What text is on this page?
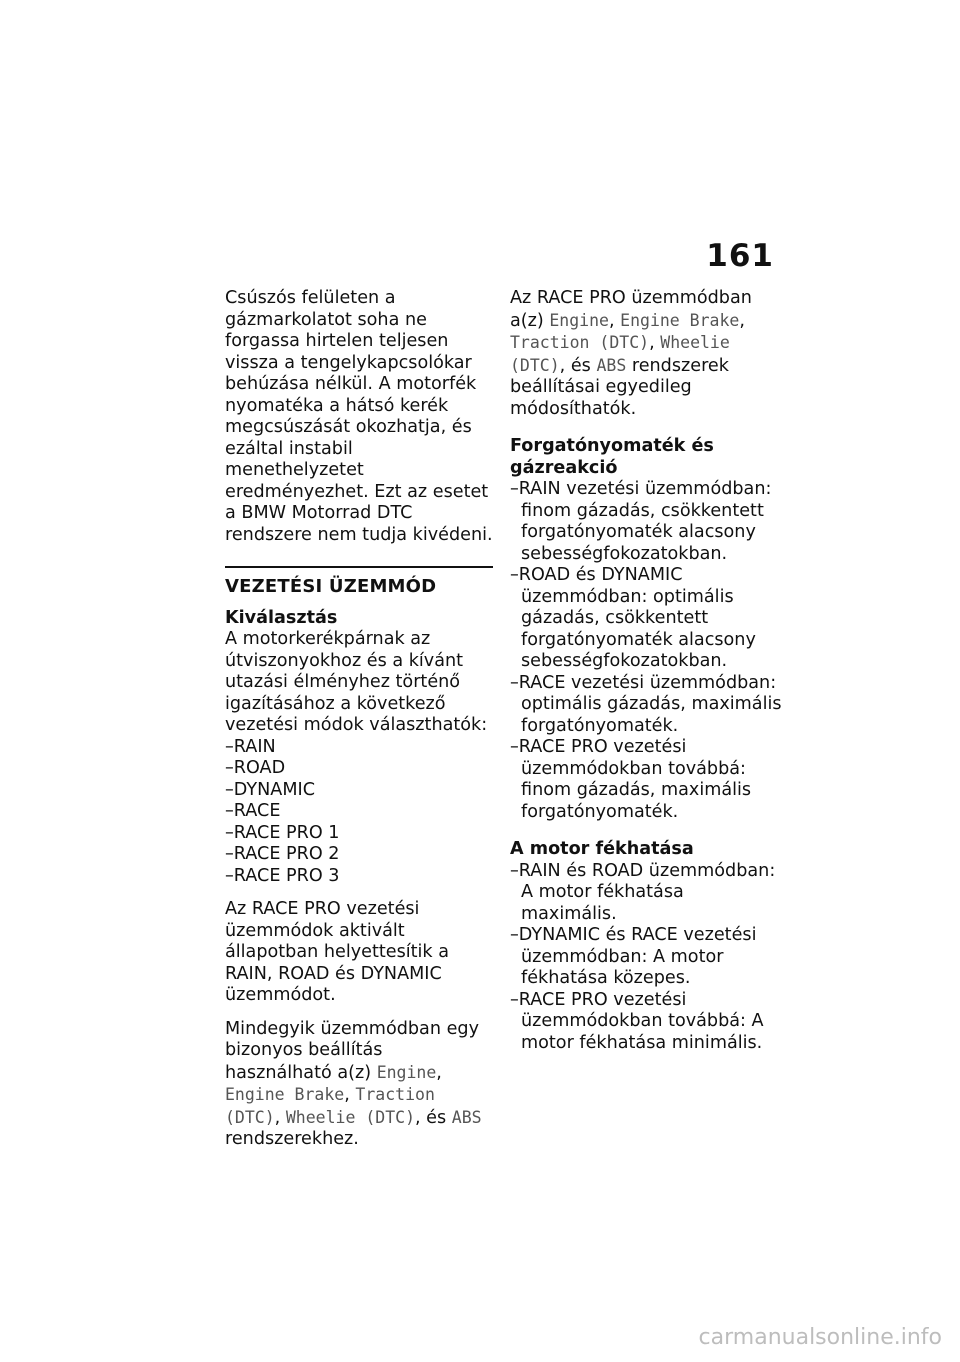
161

Csúszós felületen a gázmarkolatot soha ne forgassa hirtelen teljesen vissza a tengelykapcsolókar behúzása nélkül. A motorfék nyomatéka a hátsó kerék megcsúszását okozhatja, és ezáltal instabil menethelyzetet eredményezhet. Ezt az esetet a BMW Motorrad DTC rendszere nem tudja kivédeni.

VEZETÉSI ÜZEMMÓD
Kiválasztás

A motorkerékpárnak az útviszonyokhoz és a kívánt utazási élményhez történő igazításához a következő vezetési módok választhatók:

–RAIN
–ROAD
–DYNAMIC
–RACE
–RACE PRO 1
–RACE PRO 2
–RACE PRO 3

Az RACE PRO vezetési üzemmódok aktivált állapotban helyettesítik a RAIN, ROAD és DYNAMIC üzemmódot.

Mindegyik üzemmódban egy bizonyos beállítás használható a(z) Engine, Engine Brake, Traction (DTC), Wheelie (DTC), és ABS rendszerekhez.

Az RACE PRO üzemmódban a(z) Engine, Engine Brake, Traction (DTC), Wheelie (DTC), és ABS rendszerek beállításai egyedileg módosíthatók.

Forgatónyomaték és gázreakció
–RAIN vezetési üzemmódban: finom gázadás, csökkentett forgatónyomaték alacsony sebességfokozatokban.
–ROAD és DYNAMIC üzemmódban: optimális gázadás, csökkentett forgatónyomaték alacsony sebességfokozatokban.
–RACE vezetési üzemmódban: optimális gázadás, maximális forgatónyomaték.
–RACE PRO vezetési üzemmódokban továbbá: finom gázadás, maximális forgatónyomaték.
A motor fékhatása
–RAIN és ROAD üzemmódban: A motor fékhatása maximális.
–DYNAMIC és RACE vezetési üzemmódban: A motor fékhatása közepes.
–RACE PRO vezetési üzemmódokban továbbá: A motor fékhatása minimális.
carmanualsonline.info
